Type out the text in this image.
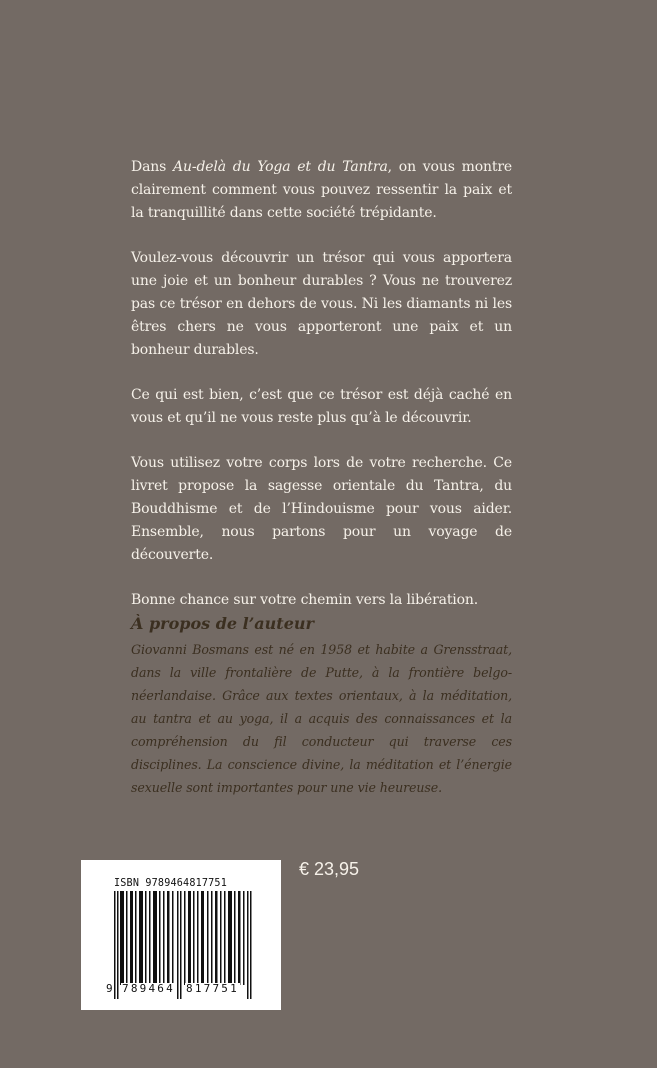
Dans Au-delà du Yoga et du Tantra, on vous montre clairement comment vous pouvez ressentir la paix et la tranquillité dans cette société trépidante.

Voulez-vous découvrir un trésor qui vous apportera une joie et un bonheur durables ? Vous ne trouverez pas ce trésor en dehors de vous. Ni les diamants ni les êtres chers ne vous apporteront une paix et un bonheur durables.

Ce qui est bien, c’est que ce trésor est déjà caché en vous et qu’il ne vous reste plus qu’à le découvrir.

Vous utilisez votre corps lors de votre recherche. Ce livret propose la sagesse orientale du Tantra, du Bouddhisme et de l’Hindouisme pour vous aider. Ensemble, nous partons pour un voyage de découverte.

Bonne chance sur votre chemin vers la libération.

À propos de l’auteur

Giovanni Bosmans est né en 1958 et habite a Grensstraat, dans la ville frontalière de Putte, à la frontière belgo-néerlandaise. Grâce aux textes orientaux, à la méditation, au tantra et au yoga, il a acquis des connaissances et la compréhension du fil conducteur qui traverse ces disciplines. La conscience divine, la méditation et l’énergie sexuelle sont importantes pour une vie heureuse.

ISBN 9789464817751
9 789464 817751
€ 23,95
